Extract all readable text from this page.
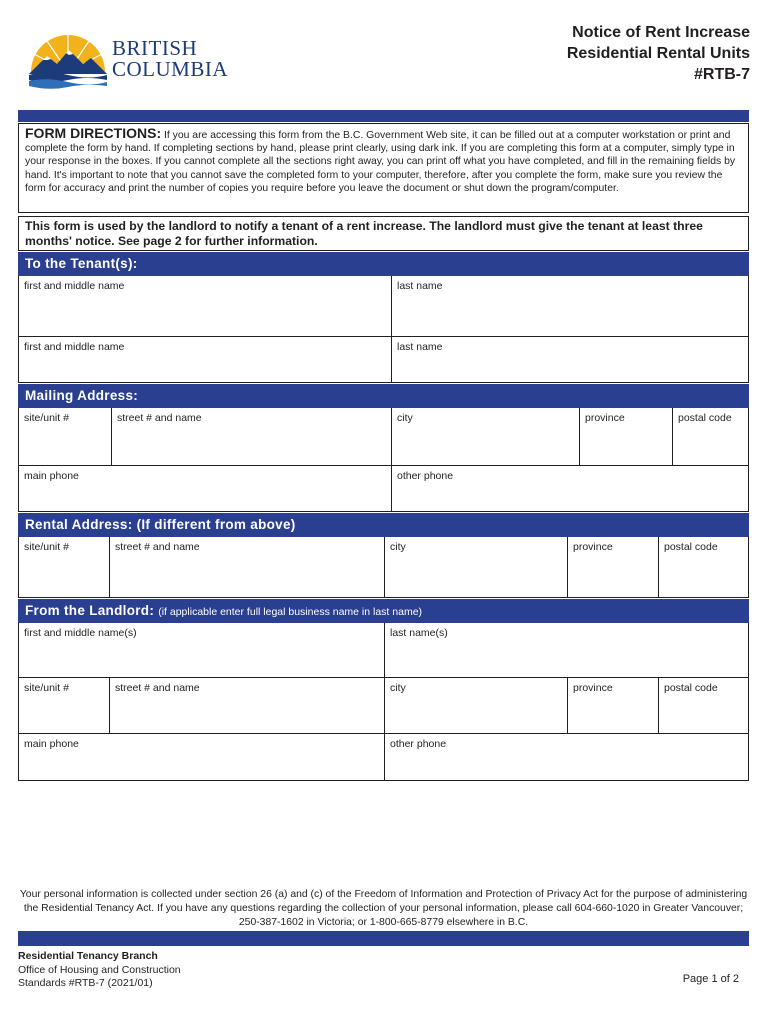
BRITISH
COLUMBIA
Notice of Rent Increase
Residential Rental Units
#RTB-7
FORM DIRECTIONS: If you are accessing this form from the B.C. Government Web site, it can be filled out at a computer workstation or print and complete the form by hand. If completing sections by hand, please print clearly, using dark ink. If you are completing this form at a computer, simply type in your response in the boxes. If you cannot complete all the sections right away, you can print off what you have completed, and fill in the remaining fields by hand. It's important to note that you cannot save the completed form to your computer, therefore, after you complete the form, make sure you review the form for accuracy and print the number of copies you require before you leave the document or shut down the program/computer.
This form is used by the landlord to notify a tenant of a rent increase. The landlord must give the tenant at least three months' notice. See page 2 for further information.
To the Tenant(s):
first and middle name	last name
first and middle name	last name
Mailing Address:
site/unit #	street # and name	city	province	postal code
main phone	other phone
Rental Address: (If different from above)
site/unit #	street # and name	city	province	postal code
From the Landlord: (if applicable enter full legal business name in last name)
first and middle name(s)	last name(s)
site/unit #	street # and name	city	province	postal code
main phone	other phone
Your personal information is collected under section 26 (a) and (c) of the Freedom of Information and Protection of Privacy Act for the purpose of administering the Residential Tenancy Act. If you have any questions regarding the collection of your personal information, please call 604-660-1020 in Greater Vancouver; 250-387-1602 in Victoria; or 1-800-665-8779 elsewhere in B.C.
Residential Tenancy Branch
Office of Housing and Construction
Standards #RTB-7 (2021/01)	Page 1 of 2
